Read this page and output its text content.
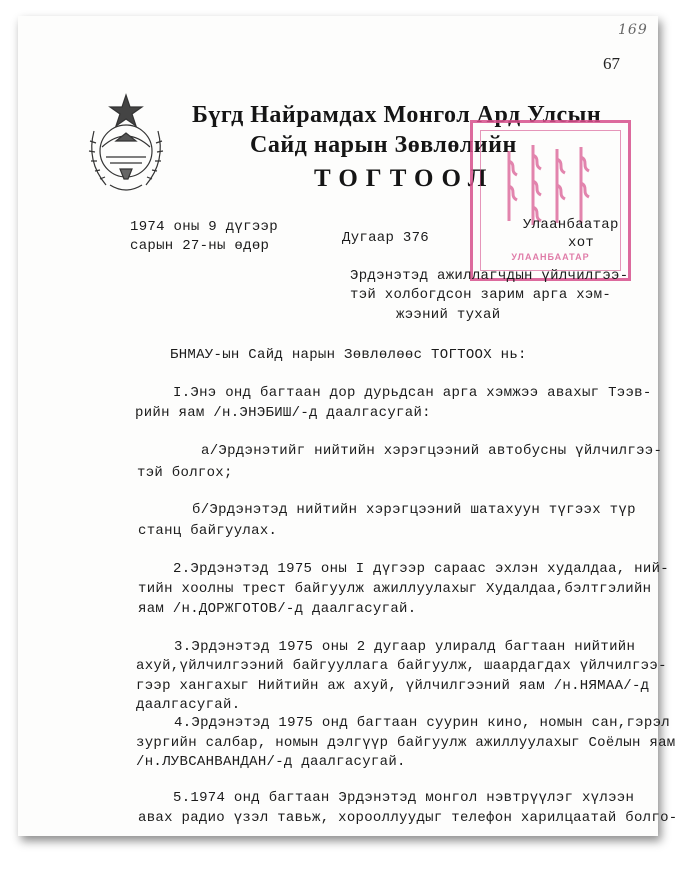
169
67
Бүгд Найрамдах Монгол Ард Улсын
Сайд нарын Зөвлөлийн
ТОГТООЛ
УЛААНБААТАР
1974 оны 9 дүгээр
сарын 27-ны өдөр	Дугаар 376
Улаанбаатар
хот
Эрдэнэтэд ажиллагчдын үйлчилгээ-
тэй холбогдсон зарим арга хэм-
жээний тухай
БНМАУ-ын Сайд нарын Зөвлөлөөс ТОГТООХ нь:
I.Энэ онд багтаан дор дурьдсан арга хэмжээ авахыг Тээв-
рийн яам /н.ЭНЭБИШ/-д даалгасугай:
а/Эрдэнэтийг нийтийн хэрэгцээний автобусны үйлчилгээ-
тэй болгох;
б/Эрдэнэтэд нийтийн хэрэгцээний шатахуун түгээх түр
станц байгуулах.
2.Эрдэнэтэд 1975 оны I дүгээр сараас эхлэн худалдаа, ний-
тийн хоолны трест байгуулж ажиллуулахыг Худалдаа,бэлтгэлийн
яам /н.ДОРЖГОТОВ/-д даалгасугай.
3.Эрдэнэтэд 1975 оны 2 дугаар улиралд багтаан нийтийн
ахуй,үйлчилгээний байгууллага байгуулж, шаардагдах үйлчилгээ-
гээр хангахыг Нийтийн аж ахуй, үйлчилгээний яам /н.НЯМАА/-д
даалгасугай.
4.Эрдэнэтэд 1975 онд багтаан суурин кино, номын сан,гэрэл
зургийн салбар, номын дэлгүүр байгуулж ажиллуулахыг Соёлын яам
/н.ЛУВСАНВАНДАН/-д даалгасугай.
5.1974 онд багтаан Эрдэнэтэд монгол нэвтрүүлэг хүлээн
авах радио үзэл тавьж, хорооллуудыг телефон харилцаатай болго-
